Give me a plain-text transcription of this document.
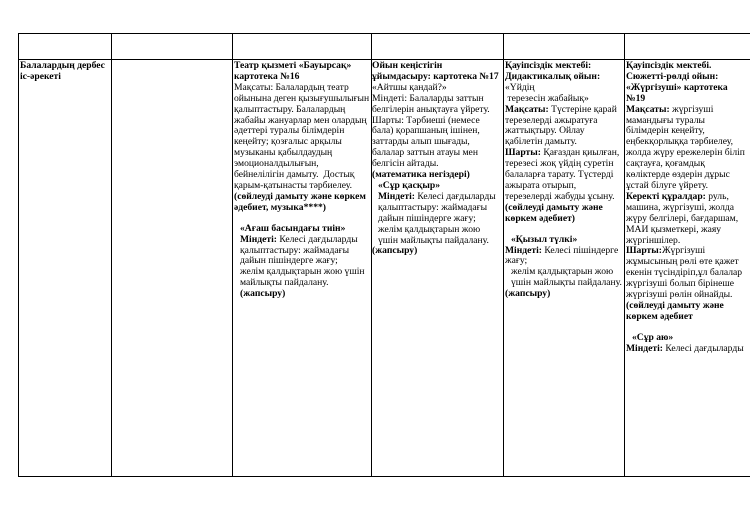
Балалардың дербес іс-әрекеті

Театр қызметі «Бауырсақ» картотека №16

Мақсаты: Балалардың театр ойынына деген қызығушылығын қалыптастыру. Балалардың жабайы жануарлар мен олардың әдеттері туралы білімдерін кеңейту; қозғалыс арқылы музыканы қабылдаудың эмоционалдылығын, бейнелілігін дамыту.  Достық қарым-қатынасты тәрбиелеу.

(сөйлеуді дамыту және көркем әдебиет, музыка****)

«Ағаш басындағы тиін»

Міндеті: Келесі дағдыларды қалыптастыру: жаймадағы дайын пішіндерге жағу;

желім қалдықтарын жою үшін майлықты пайдалану.

(жапсыру)

Ойын кеңістігін ұйымдасыру: картотека №17

«Айтшы қандай?»

Міндеті: Балаларды заттын белгілерін анықтауға үйрету.
Шарты: Тәрбиеші (немесе бала) қорапшаның ішінен, заттарды алып шығады, балалар заттын атауы мен белгісін айтады.

(математика негіздері)

«Сұр қасқыр»

Міндеті: Келесі дағдыларды қалыптастыру: жаймадағы дайын пішіндерге жағу;

желім қалдықтарын жою үшін майлықты пайдалану.

(жапсыру)

Қауіпсіздік мектебі: Дидактикалық ойын:

«Үйдің

терезесін жабайық»

Мақсаты: Түстеріне қарай терезелерді ажыратуға жаттықтыру. Ойлау қабілетін дамыту.

Шарты: Қағаздан қиылған, терезесі жоқ үйдің суретін балаларға тарату. Түстерді ажырата отырып, терезелерді жабуды ұсыну.

(сөйлеуді дамыту және  көркем әдебиет)

«Қызыл түлкі»

Міндеті: Келесі пішіндерге жағу;

желім қалдықтарын жою үшін майлықты пайдалану.

(жапсыру)

Қауіпсіздік мектебі. Сюжетті-рөлді ойын: «Жүргізуші» картотека №19

Мақсаты: жүргізушi мамандығы туралы білімдерін кеңейту, еңбекқорлыққа тәрбиелеу, жолда жүру ережелерін біліп сақтауға, қоғамдық көліктерде өздерін дұрыс ұстай білуге үйрету.

Керекті құралдар: руль, машина, жүргізуші, жолда жүру белгілері, бағдаршам, МАИ қызметкері, жаяу жүргіншілер.

Шарты:Жүргізуші жұмысының рөлі өте қажет екенін түсіндіріп,ұл балалар жүргізуші болып бірінеше жүргізуші рөлін ойнайды.

(сөйлеуді дамыту және

көркем әдебиет

«Сұр аю»

Міндеті: Келесі дағдыларды
